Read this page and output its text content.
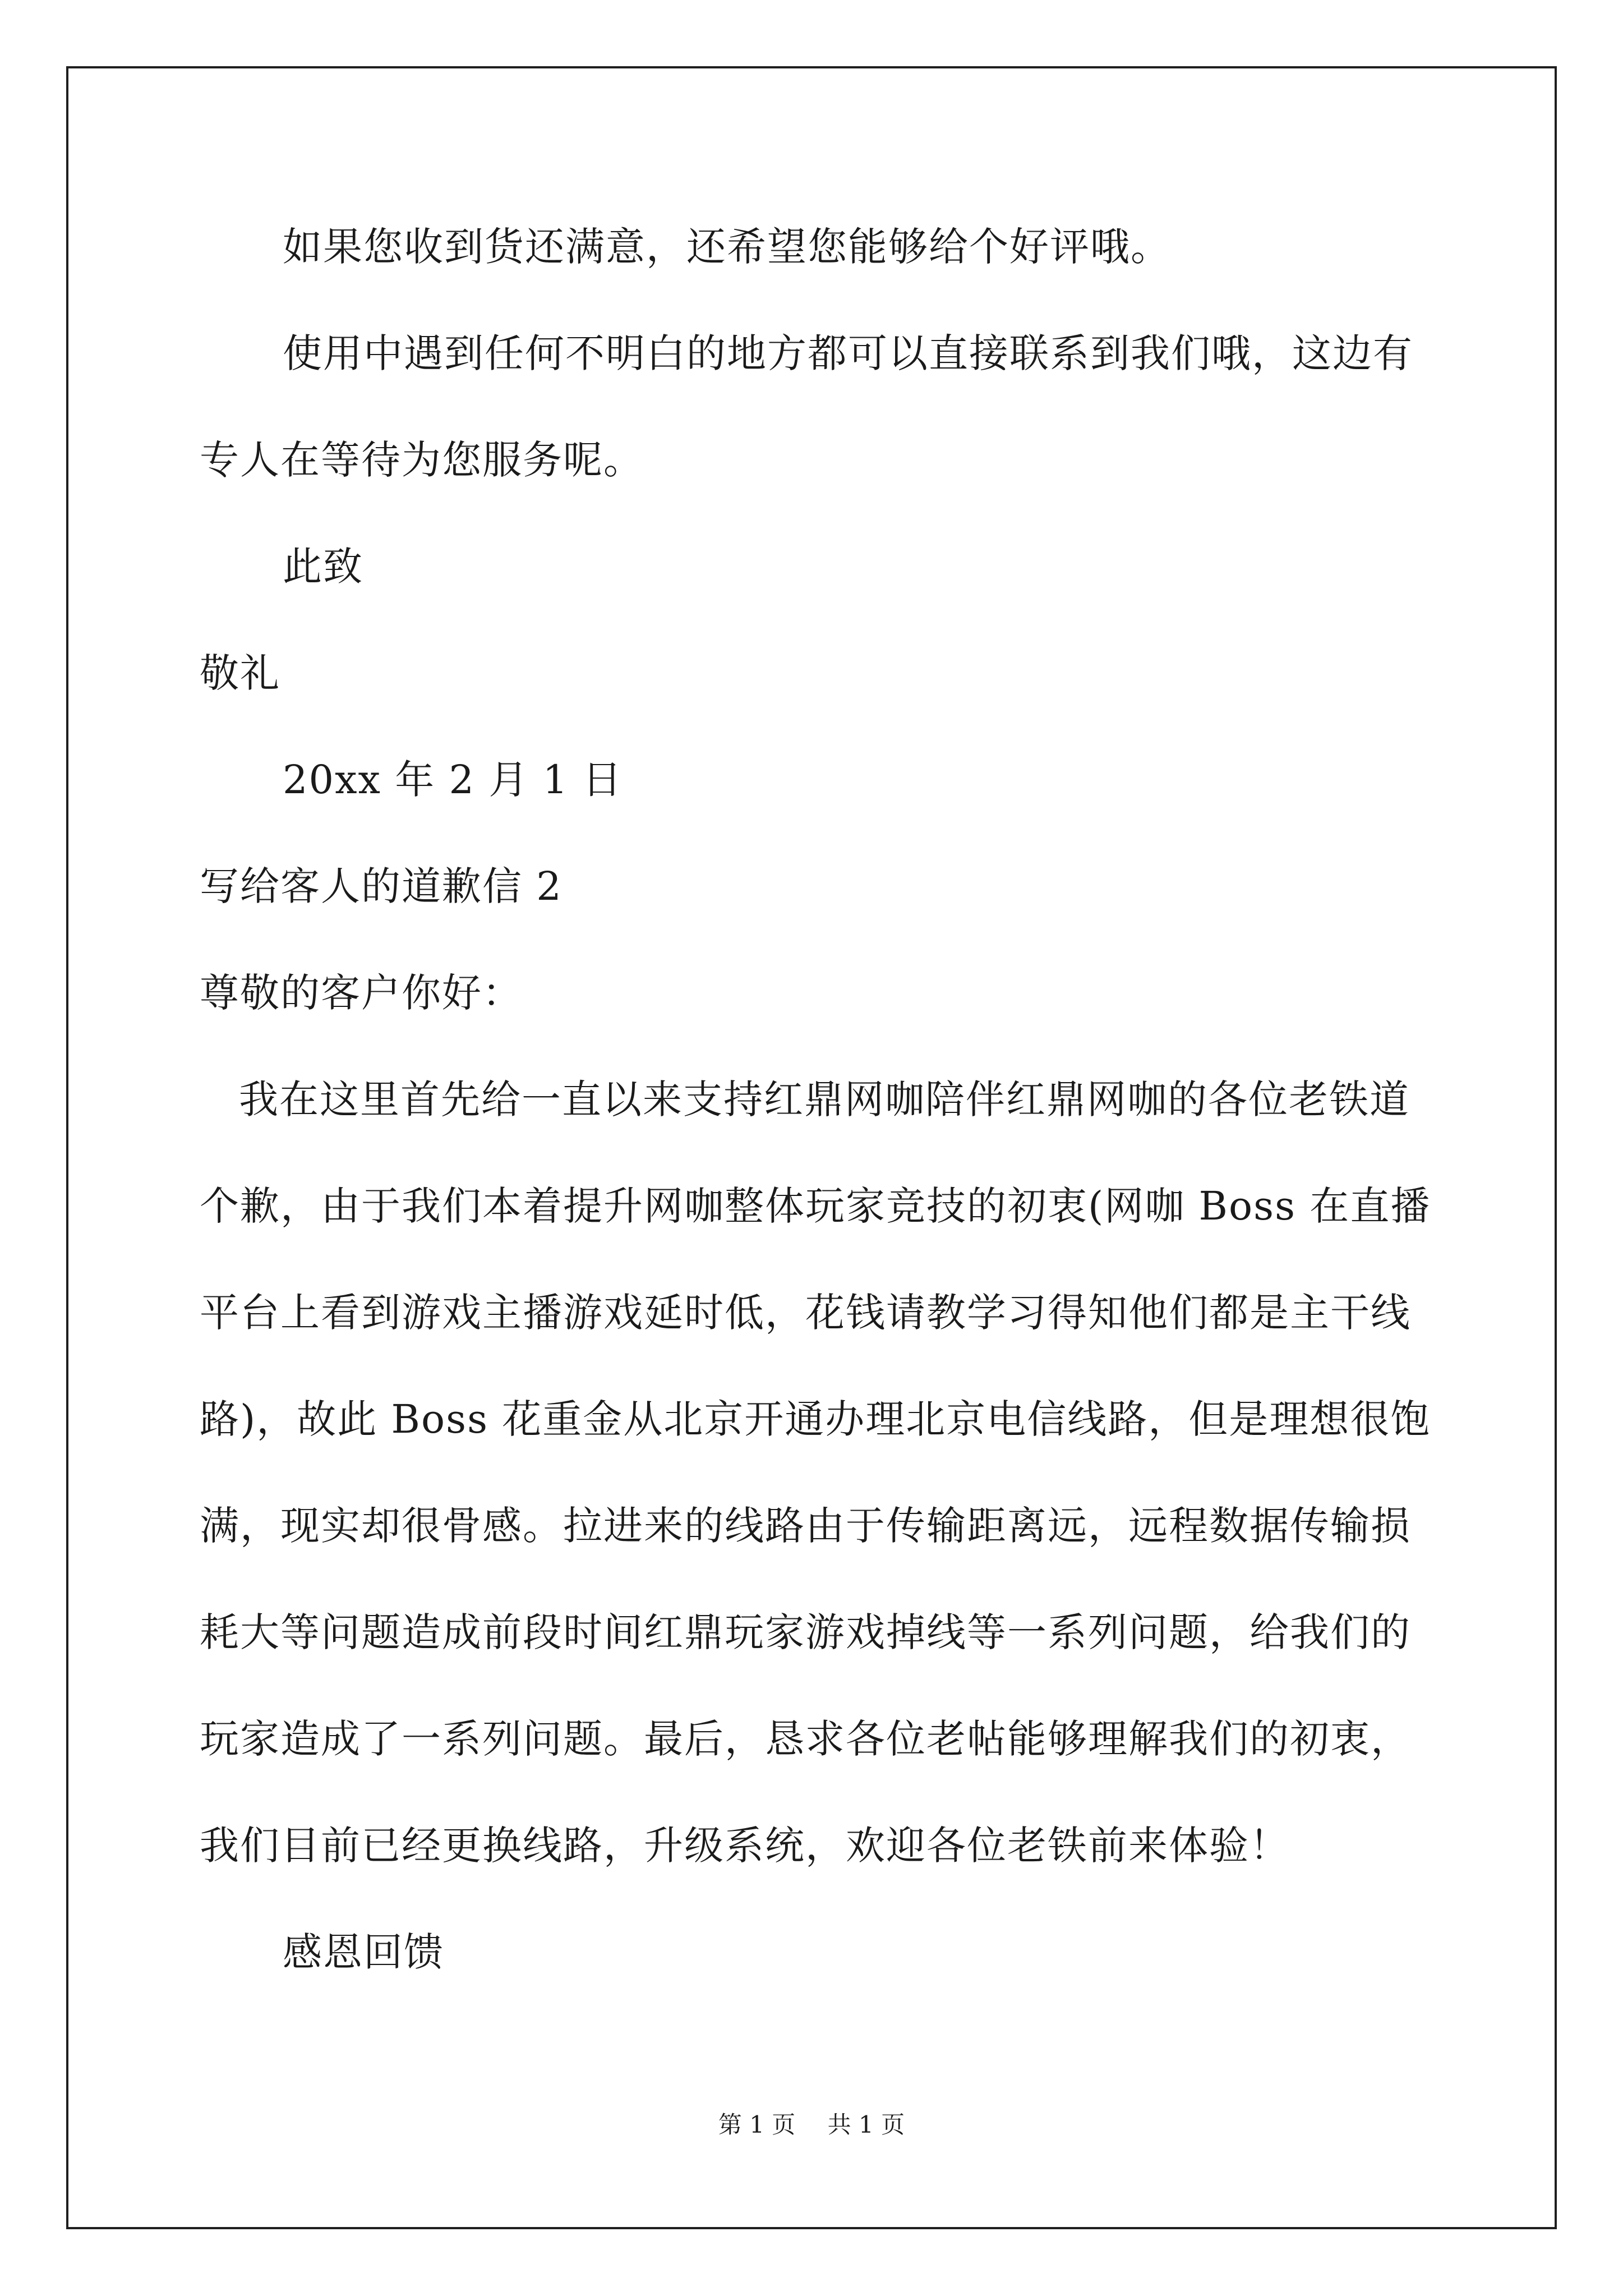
如果您收到货还满意，还希望您能够给个好评哦。

使用中遇到任何不明白的地方都可以直接联系到我们哦，这边有

专人在等待为您服务呢。

此致

敬礼

20xx 年 2 月 1 日

写给客人的道歉信 2

尊敬的客户你好：

我在这里首先给一直以来支持红鼎网咖陪伴红鼎网咖的各位老铁道

个歉，由于我们本着提升网咖整体玩家竞技的初衷(网咖 Boss 在直播
平台上看到游戏主播游戏延时低，花钱请教学习得知他们都是主干线
路)，故此 Boss 花重金从北京开通办理北京电信线路，但是理想很饱
满，现实却很骨感。拉进来的线路由于传输距离远，远程数据传输损
耗大等问题造成前段时间红鼎玩家游戏掉线等一系列问题，给我们的
玩家造成了一系列问题。最后，恳求各位老帖能够理解我们的初衷，
我们目前已经更换线路，升级系统，欢迎各位老铁前来体验！

感恩回馈

第 1 页 共 1 页
